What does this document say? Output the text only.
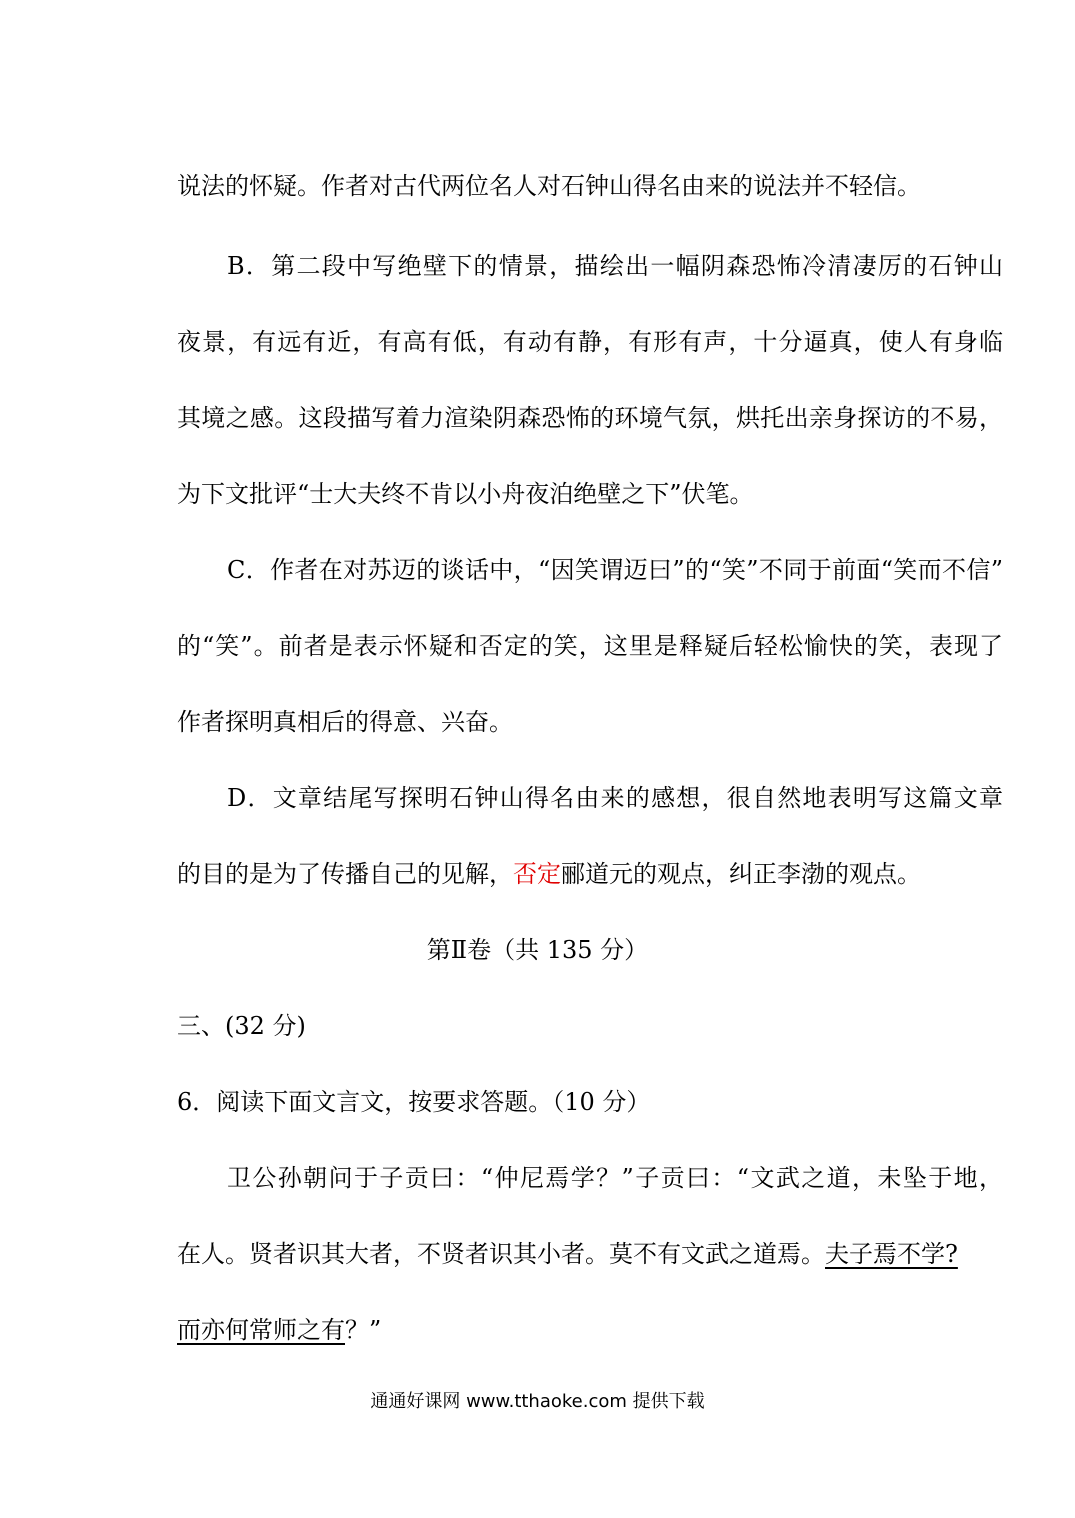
说法的怀疑。作者对古代两位名人对石钟山得名由来的说法并不轻信。
B．第二段中写绝壁下的情景，描绘出一幅阴森恐怖冷清凄厉的石钟山
夜景，有远有近，有高有低，有动有静，有形有声，十分逼真，使人有身临
其境之感。这段描写着力渲染阴森恐怖的环境气氛，烘托出亲身探访的不易，
为下文批评“士大夫终不肯以小舟夜泊绝壁之下”伏笔。
C．作者在对苏迈的谈话中，“因笑谓迈曰”的“笑”不同于前面“笑而不信”
的“笑”。前者是表示怀疑和否定的笑，这里是释疑后轻松愉快的笑，表现了
作者探明真相后的得意、兴奋。
D．文章结尾写探明石钟山得名由来的感想，很自然地表明写这篇文章
的目的是为了传播自己的见解，否定郦道元的观点，纠正李渤的观点。
第Ⅱ卷（共 135 分）
三、(32 分)
6．阅读下面文言文，按要求答题。（10 分）
卫公孙朝问于子贡曰：“仲尼焉学？”子贡曰：“文武之道，未坠于地，
在人。贤者识其大者，不贤者识其小者。莫不有文武之道焉。夫子焉不学?
而亦何常师之有？”
通通好课网 www.tthaoke.com 提供下载
